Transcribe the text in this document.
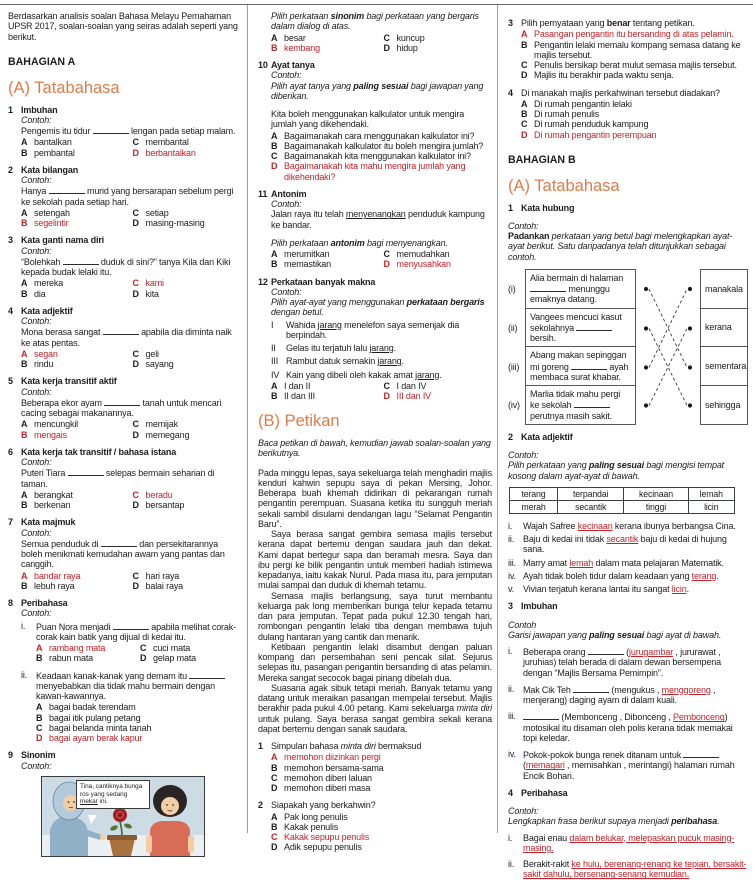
Berdasarkan analisis soalan Bahasa Melayu Pemahaman UPSR 2017, soalan-soalan yang seiras adalah seperti yang berikut.
BAHAGIAN A
(A) Tatabahasa
1 Imbuhan
Contoh:
Pengemis itu tidur	lengan pada setiap malam.
A bantalkan	C membantal
B pembantal	D berbantalkan
2 Kata bilangan
Contoh:
Hanya	murid yang bersarapan sebelum pergi ke sekolah pada setiap hari.
A setengah	C setiap
B segelintir	D masing-masing
3 Kata ganti nama diri
Contoh:
“Bolehkah	duduk di sini?” tanya Kila dan Kiki kepada budak lelaki itu.
A mereka	C kami
B dia	D kita
4 Kata adjektif
Contoh:
Mona berasa sangat	apabila dia diminta naik ke atas pentas.
A segan	C geli
B rindu	D sayang
5 Kata kerja transitif aktif
Contoh:
Beberapa ekor ayam	tanah untuk mencari cacing sebagai makanannya.
A mencungkil	C memijak
B mengais	D memegang
6 Kata kerja tak transitif / bahasa istana
Contoh:
Puteri Tiara	selepas bermain seharian di taman.
A berangkat	C beradu
B berkenan	D bersantap
7 Kata majmuk
Contoh:
Semua penduduk di	dan persekitarannya boleh menikmati kemudahan awam yang pantas dan canggih.
A bandar raya	C hari raya
B lebuh raya	D balai raya
8 Peribahasa
Contoh:
i.	Puan Nora menjadi	apabila melihat corak-corak kain batik yang dijual di kedai itu.
A rambang mata	C cuci mata
B rabun mata	D gelap mata
ii. Keadaan kanak-kanak yang demam itu  menyebabkan dia tidak mahu bermain dengan kawan-kawannya.
A bagai badak terendam
B bagai itik pulang petang
C bagai belanda minta tanah
D bagai ayam berak kapur
9 Sinonim
Contoh:
Tina, cantiknya bunga ros yang sedang mekar ini.
Pilih perkataan sinonim bagi perkataan yang bergaris dalam dialog di atas.
A besar	C kuncup
B kembang	D hidup
10 Ayat tanya
Contoh:
Pilih ayat tanya yang paling sesuai bagi jawapan yang diberikan.
Kita boleh menggunakan kalkulator untuk mengira jumlah yang dikehendaki.
A Bagaimanakah cara menggunakan kalkulator ini?
B Bagaimanakah kalkulator itu boleh mengira jumlah?
C Bagaimanakah kita menggunakan kalkulator ini?
D Bagaimanakah kita mahu mengira jumlah yang dikehendaki?
11 Antonim
Contoh:
Jalan raya itu telah menyenangkan penduduk kampung ke bandar.
Pilih perkataan antonim bagi menyenangkan.
A merumitkan	C memudahkan
B memastikan	D menyusahkan
12 Perkataan banyak makna
Contoh:
Pilih ayat-ayat yang menggunakan perkataan bergaris dengan betul.
I	Wahida jarang menelefon saya semenjak dia berpindah.
II	Gelas itu terjatuh lalu jarang.
III Rambut datuk semakin jarang.
IV Kain yang dibeli oleh kakak amat jarang.
A I dan II	C I dan IV
B II dan III	D III dan IV
(B) Petikan
Baca petikan di bawah, kemudian jawab soalan-soalan yang berikutnya.
Pada minggu lepas, saya sekeluarga telah menghadiri majlis kenduri kahwin sepupu saya di pekan Mersing, Johor. Beberapa buah khemah didirikan di pekarangan rumah pengantin perempuan. Suasana ketika itu sungguh meriah sekali sambil disulami dendangan lagu “Selamat Pengantin Baru”.
Saya berasa sangat gembira semasa majlis tersebut kerana dapat bertemu dengan saudara jauh dan dekat. Kami dapat bertegur sapa dan beramah mesra. Saya dan ibu pergi ke bilik pengantin untuk memberi hadiah istimewa kepadanya, iaitu kakak Nurul. Pada masa itu, para jemputan mulai sampai dan duduk di khemah tetamu.
Semasa majlis berlangsung, saya turut membantu keluarga pak long memberikan bunga telur kepada tetamu dan para jemputan. Tepat pada pukul 12.30 tengah hari, rombongan pengantin lelaki tiba dengan membawa tujuh dulang hantaran yang cantik dan menarik.
Ketibaan pengantin lelaki disambut dengan paluan kompang dan persembahan seni pencak silat. Sejurus selepas itu, pasangan pengantin bersanding di atas pelamin. Mereka sangat secocok bagai pinang dibelah dua.
Suasana agak sibuk tetapi meriah. Banyak tetamu yang datang untuk meraikan pasangan mempelai tersebut. Majlis berakhir pada pukul 4.00 petang. Kami sekeluarga minta diri untuk pulang. Saya berasa sangat gembira sekali kerana dapat bertemu dengan sanak saudara.
1 Simpulan bahasa minta diri bermaksud
A memohon diizinkan pergi
B memohon bersama-sama
C memohon diberi laluan
D memohon diberi masa
2 Siapakah yang berkahwin?
A Pak long penulis
B Kakak penulis
C Kakak sepupu penulis
D Adik sepupu penulis
3 Pilih pernyataan yang benar tentang petikan.
A Pasangan pengantin itu bersanding di atas pelamin.
B Pengantin lelaki memalu kompang semasa datang ke majlis tersebut.
C Penulis bersikap berat mulut semasa majlis tersebut.
D Majlis itu berakhir pada waktu senja.
4 Di manakah majlis perkahwinan tersebut diadakan?
A Di rumah pengantin lelaki
B Di rumah penulis
C Di rumah penduduk kampung
D Di rumah pengantin perempuan
BAHAGIAN B
(A) Tatabahasa
1 Kata hubung
Contoh:
Padankan perkataan yang betul bagi melengkapkan ayat-ayat berikut. Satu daripadanya telah ditunjukkan sebagai contoh.
(i)
Alia bermain di halaman  menunggu emaknya datang.
manakala
(ii)
Vangees mencuci kasut sekolahnya  bersih.
kerana
(iii)
Abang makan sepinggan mi goreng	ayah membaca surat khabar.
sementara
(iv)
Marlia tidak mahu pergi ke sekolah  perutnya masih sakit.
sehingga
2 Kata adjektif
Contoh:
Pilih perkataan yang paling sesuai bagi mengisi tempat kosong dalam ayat-ayat di bawah.
terang	terpandai	kecinaan	lemah
merah	secantik	tinggi	licin
i.	Wajah Safree kecinaan kerana ibunya berbangsa Cina.
ii. Baju di kedai ini tidak secantik baju di kedai di hujung sana.
iii. Marry amat lemah dalam mata pelajaran Matematik.
iv. Ayah tidak boleh tidur dalam keadaan yang terang.
v. Vivian terjatuh kerana lantai itu sangat licin.
3 Imbuhan
Contoh
Garisi jawapan yang paling sesuai bagi ayat di bawah.
i.	Beberapa orang	(jurugambar , jururawat , juruhias) telah berada di dalam dewan bersempena dengan “Majlis Bersama Pemimpin”.
ii. Mak Cik Teh	(mengukus , menggoreng , menjerang) daging ayam di dalam kuali.
iii.	(Membonceng , Dibonceng , Pembonceng) motosikal itu disaman oleh polis kerana tidak memakai topi keledar.
iv. Pokok-pokok bunga renek ditanam untuk  (memagari , memisahkan , merintangi) halaman rumah Encik Bohari.
4 Peribahasa
Contoh:
Lengkapkan frasa berikut supaya menjadi peribahasa.
i.	Bagai enau dalam belukar, melepaskan pucuk masing-masing.
ii. Berakit-rakit ke hulu, berenang-renang ke tepian, bersakit-sakit dahulu, bersenang-senang kemudian.
